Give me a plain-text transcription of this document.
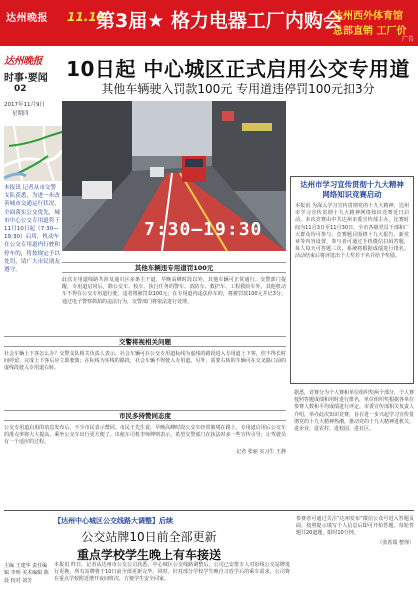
达州晚报 11.18
第3届★ 格力电器工厂内购会
达州西外体育馆
总部直销 工厂价
广告
达州晚报
时事·要闻
02
2017年11月9日
星期四
10日起 中心城区正式启用公交专用道
其他车辆驶入罚款100元 专用道违停罚100元扣3分
7:30—19:30
本报讯 记者从市交警支队获悉，为进一步改善城市交通运行状况，全面落实公交优先，城市中心公交专用道将于11月10日起（7:30—19:30）启用，机动车在公交专用道内行驶和停车的，将按规定予以处罚，请广大市民朋友遵守。
达州市学习宣传贯彻十九大精神
网络知识竞赛启动
本报讯 为深入学习宣传贯彻党的十九大精神，达州市学习宣传贯彻十九大精神网络知识竞赛近日启动。本次竞赛由中共达州市委宣传部主办，比赛时间为11月3日至11月30日，全市各级党员干部和广大群众均可参与。竞赛题目围绕十九大报告、新党章等内容设置，参与者可通过手机微信扫码答题，每人每天可答题三次，系统将根据成绩进行排名。活动结束后将评选出个人奖若干名并给予奖励。
其他车辆违专用道罚100元
此次专用道线路共涉及通川区多条主干道，早晚高峰时段以外，其他车辆可正常通行。交警部门提醒，专用道启用后，除公交车、校车、执行任务的警车、消防车、救护车、工程救险车外，其他机动车不得在公交专用道行驶，违者将被罚款100元；在专用道内违法停车的，将被罚款100元并记3分。通过电子警察抓拍的违法行为，交警部门将依法进行处理。
交警将视相关问题
社会车辆上下客怎么办？交警支队相关负责人表示，社会车辆可在公交专用道标线为虚线的路段进入专用道上下客，但不得长时间停留，完成上下客后应立即驶离；在标线为实线的路段，社会车辆不得驶入专用道。另外，需要右转的车辆可在交叉路口前的虚线段驶入专用道右转。
市民多持赞同态度
公交专用道启用的消息发布后，不少市民表示赞同。市民王先生说，早晚高峰时段公交车经常被堵在路上，专用道启用后公交车的准点率将大大提高，乘坐公交车出行更方便了。出租车司机李师傅则表示，希望交警部门在执法时多一些宣传引导，让驾驶员有一个适应的过程。
记者 张丽 实习生 王静
据悉，竞赛分为个人赛和单位组织奖两个部分，个人赛按照答题成绩和用时进行排名，单位组织奖根据各单位参赛人数和平均成绩进行评定。市委宣传部相关负责人介绍，举办此次知识竞赛，旨在进一步兴起学习宣传贯彻党的十九大精神热潮，推动党的十九大精神进机关、进企业、进农村、进校园、进社区。
【达州中心城区公交线路大调整】后续
公交站牌10日前全部更新
重点学校学生晚上有车接送
本报讯 昨日，记者从达州市公交公司获悉，中心城区公交线路调整后，公司已安排专人对沿线公交站牌进行更换，所有站牌将于10日前全部更新完毕。同时，针对部分学校学生晚自习放学后的乘车需求，公司将在重点学校附近增开夜间班次，方便学生安全回家。
主编 王建华 责任编辑 李明 美术编辑 陈晨 校对 刘芳
参赛者可通过关注“达州发布”微信公众号进入答题页面，按照提示填写个人信息后即可开始答题。每轮答题共20道题，限时10分钟。
（张希瑞 整理）
